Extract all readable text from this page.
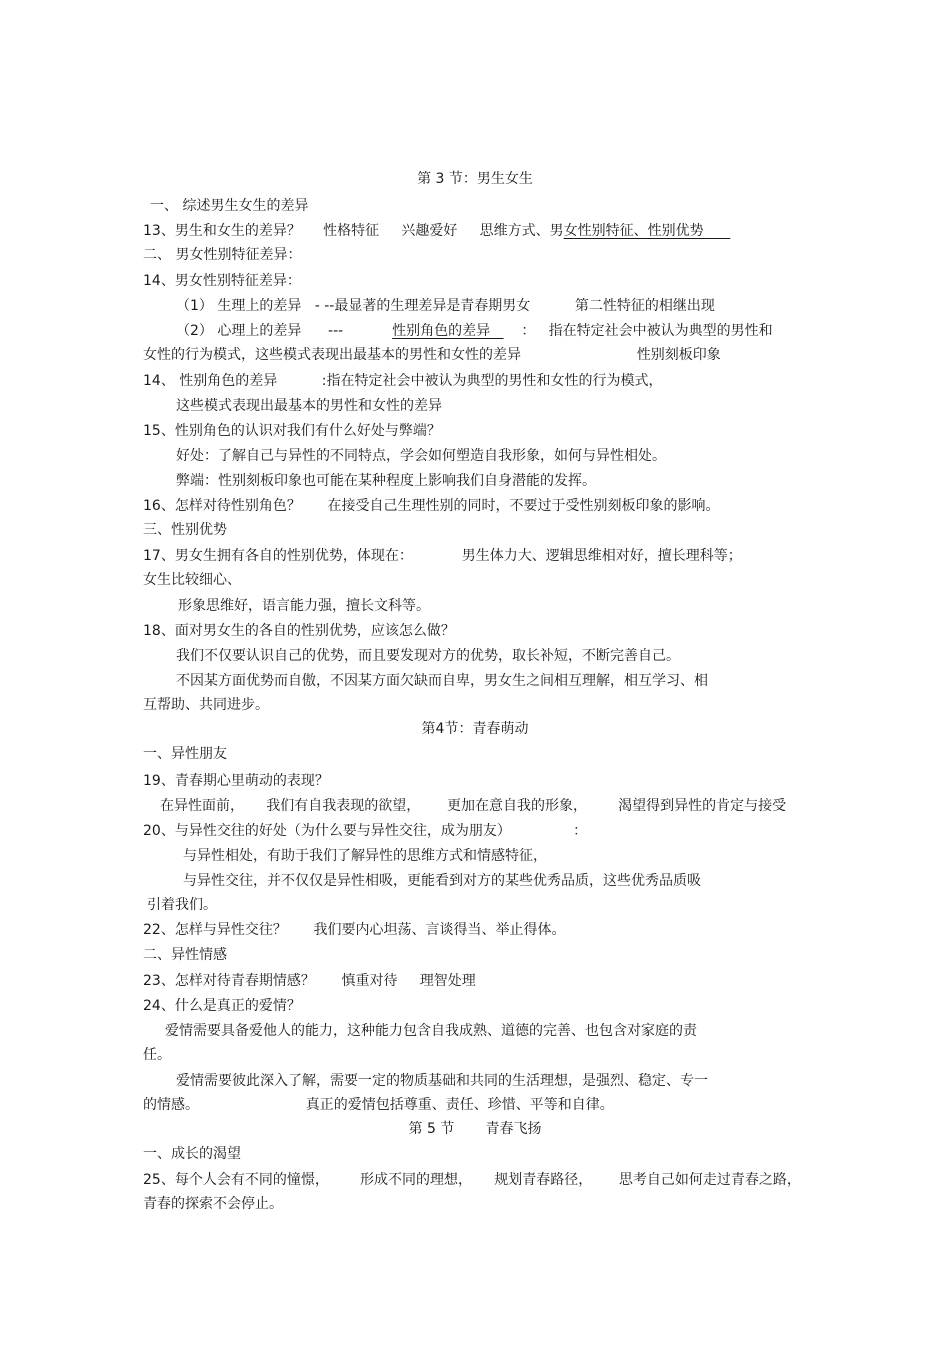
第 3 节：男生女生
一、 综述男生女生的差异
13、男生和女生的差异？     性格特征     兴趣爱好     思维方式、男女性别特征、性别优势
二、 男女性别特征差异：
14、男女性别特征差异：
（1） 生理上的差异   - --最显著的生理差异是青春期男女          第二性特征的相继出现
（2） 心理上的差异      ---           性别角色的差异       ：   指在特定社会中被认为典型的男性和
女性的行为模式，这些模式表现出最基本的男性和女性的差异                          性别刻板印象
14、 性别角色的差异          :指在特定社会中被认为典型的男性和女性的行为模式，
这些模式表现出最基本的男性和女性的差异
15、性别角色的认识对我们有什么好处与弊端？
好处：了解自己与异性的不同特点，学会如何塑造自我形象，如何与异性相处。
弊端：性别刻板印象也可能在某种程度上影响我们自身潜能的发挥。
16、怎样对待性别角色？      在接受自己生理性别的同时，不要过于受性别刻板印象的影响。
三、性别优势
17、男女生拥有各自的性别优势，体现在：           男生体力大、逻辑思维相对好，擅长理科等；
女生比较细心、
形象思维好，语言能力强，擅长文科等。
18、面对男女生的各自的性别优势，应该怎么做？
我们不仅要认识自己的优势，而且要发现对方的优势，取长补短，不断完善自己。
不因某方面优势而自傲，不因某方面欠缺而自卑，男女生之间相互理解，相互学习、相
互帮助、共同进步。
第4节：青春萌动
一、异性朋友
19、青春期心里萌动的表现？
在异性面前，     我们有自我表现的欲望，      更加在意自我的形象，       渴望得到异性的肯定与接受
20、与异性交往的好处（为什么要与异性交往，成为朋友）              ：
与异性相处，有助于我们了解异性的思维方式和情感特征，
与异性交往，并不仅仅是异性相吸，更能看到对方的某些优秀品质，这些优秀品质吸
引着我们。
22、怎样与异性交往？      我们要内心坦荡、言谈得当、举止得体。
二、异性情感
23、怎样对待青春期情感？      慎重对待     理智处理
24、什么是真正的爱情？
爱情需要具备爱他人的能力，这种能力包含自我成熟、道德的完善、也包含对家庭的责
任。
爱情需要彼此深入了解，需要一定的物质基础和共同的生活理想，是强烈、稳定、专一
的情感。                        真正的爱情包括尊重、责任、珍惜、平等和自律。
第 5 节       青春飞扬
一、成长的渴望
25、每个人会有不同的憧憬，       形成不同的理想，     规划青春路径，      思考自己如何走过青春之路，
青春的探索不会停止。
